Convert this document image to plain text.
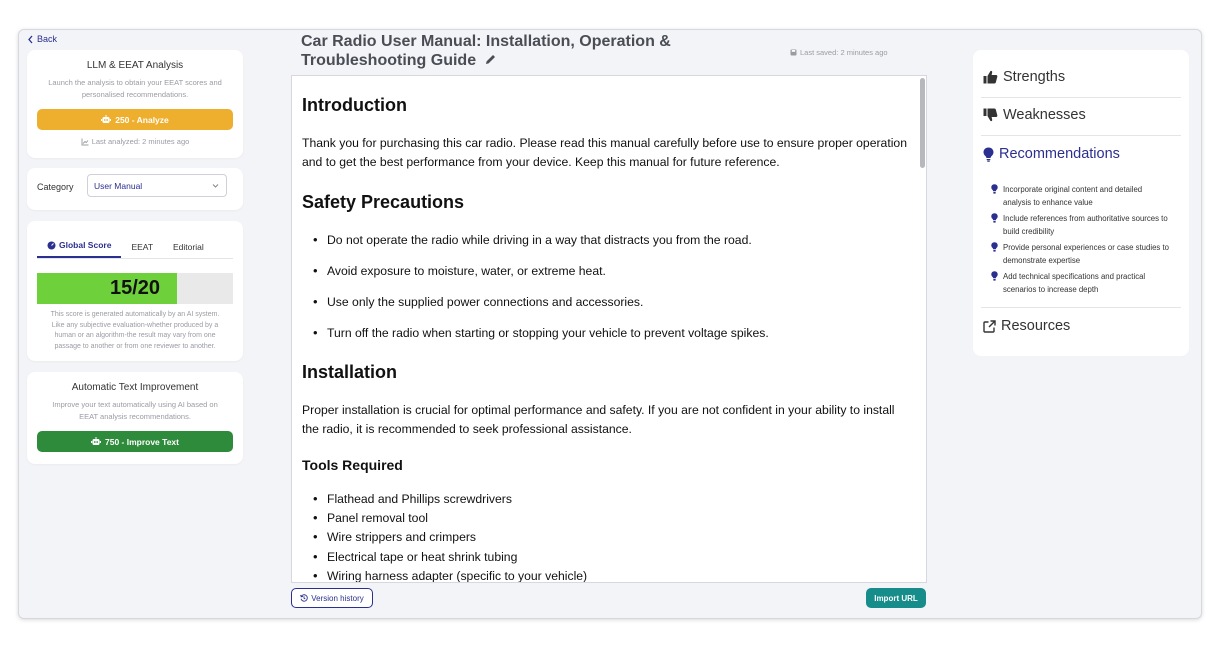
Back
LLM & EEAT Analysis
Launch the analysis to obtain your EEAT scores and personalised recommendations.
250 - Analyze
Last analyzed: 2 minutes ago
Category User Manual
Global Score EEAT Editorial
15/20
This score is generated automatically by an AI system. Like any subjective evaluation-whether produced by a human or an algorithm-the result may vary from one passage to another or from one reviewer to another.
Automatic Text Improvement
Improve your text automatically using AI based on EEAT analysis recommendations.
750 - Improve Text
Car Radio User Manual: Installation, Operation & Troubleshooting Guide	Last saved: 2 minutes ago
Introduction
Thank you for purchasing this car radio. Please read this manual carefully before use to ensure proper operation and to get the best performance from your device. Keep this manual for future reference.
Safety Precautions
• Do not operate the radio while driving in a way that distracts you from the road.
• Avoid exposure to moisture, water, or extreme heat.
• Use only the supplied power connections and accessories.
• Turn off the radio when starting or stopping your vehicle to prevent voltage spikes.
Installation
Proper installation is crucial for optimal performance and safety. If you are not confident in your ability to install the radio, it is recommended to seek professional assistance.
Tools Required
• Flathead and Phillips screwdrivers
• Panel removal tool
• Wire strippers and crimpers
• Electrical tape or heat shrink tubing
• Wiring harness adapter (specific to your vehicle)
Version history	Import URL
Strengths
Weaknesses
Recommendations
Incorporate original content and detailed analysis to enhance value
Include references from authoritative sources to build credibility
Provide personal experiences or case studies to demonstrate expertise
Add technical specifications and practical scenarios to increase depth
Resources
